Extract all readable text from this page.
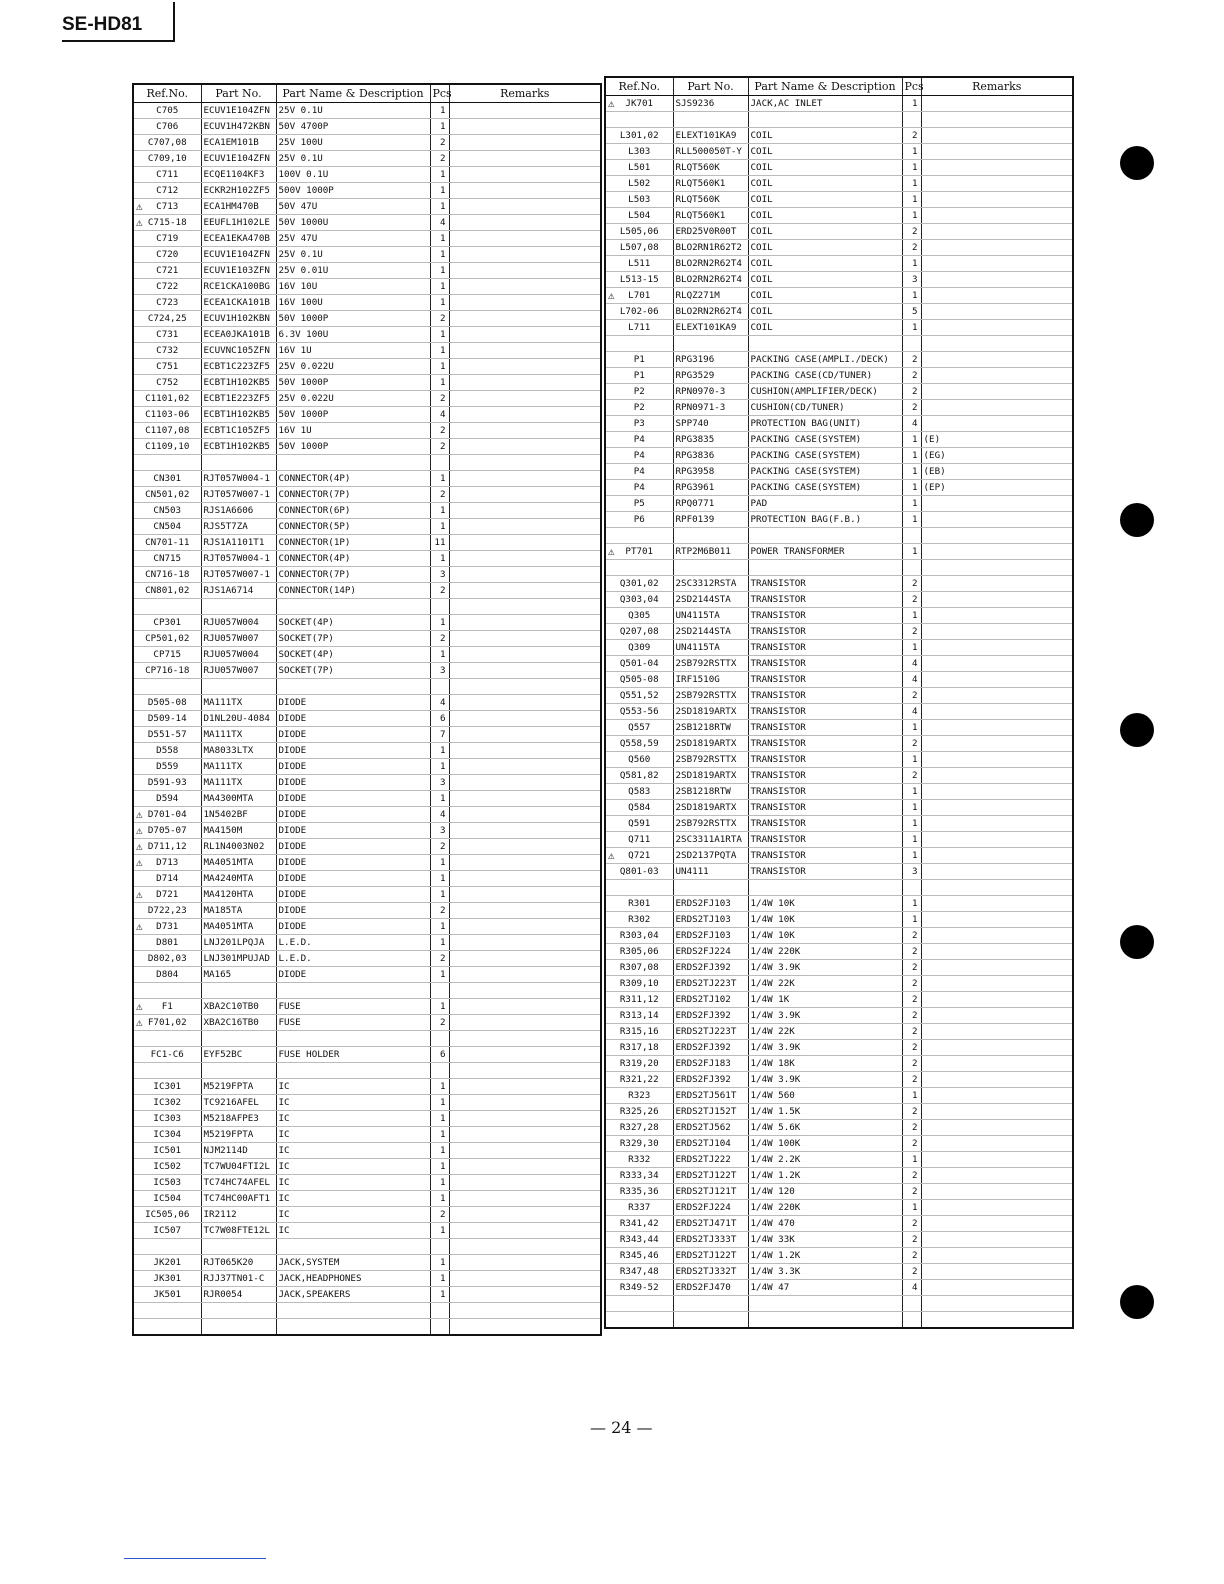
SE-HD81
Ref.No.	Part No.	Part Name & Description	Pcs	Remarks
C705	ECUV1E104ZFN	25V 0.1U	1	
C706	ECUV1H472KBN	50V 4700P	1	
C707,08	ECA1EM101B	25V 100U	2	
C709,10	ECUV1E104ZFN	25V 0.1U	2	
C711	ECQE1104KF3	100V 0.1U	1	
C712	ECKR2H102ZF5	500V 1000P	1	

⚠ C713	ECA1HM470B	50V 47U	1	

⚠ C715-18	EEUFL1H102LE	50V 1000U	4	
C719	ECEA1EKA470B	25V 47U	1	
C720	ECUV1E104ZFN	25V 0.1U	1	
C721	ECUV1E103ZFN	25V 0.01U	1	
C722	RCE1CKA100BG	16V 10U	1	
C723	ECEA1CKA101B	16V 100U	1	
C724,25	ECUV1H102KBN	50V 1000P	2	
C731	ECEA0JKA101B	6.3V 100U	1	
C732	ECUVNC105ZFN	16V 1U	1	
C751	ECBT1C223ZF5	25V 0.022U	1	
C752	ECBT1H102KB5	50V 1000P	1	
C1101,02	ECBT1E223ZF5	25V 0.022U	2	
C1103-06	ECBT1H102KB5	50V 1000P	4	
C1107,08	ECBT1C105ZF5	16V 1U	2	
C1109,10	ECBT1H102KB5	50V 1000P	2	

CN301	RJT057W004-1	CONNECTOR(4P)	1	
CN501,02	RJT057W007-1	CONNECTOR(7P)	2	
CN503	RJS1A6606	CONNECTOR(6P)	1	
CN504	RJS5T7ZA	CONNECTOR(5P)	1	
CN701-11	RJS1A1101T1	CONNECTOR(1P)	11	
CN715	RJT057W004-1	CONNECTOR(4P)	1	
CN716-18	RJT057W007-1	CONNECTOR(7P)	3	
CN801,02	RJS1A6714	CONNECTOR(14P)	2	

CP301	RJU057W004	SOCKET(4P)	1	
CP501,02	RJU057W007	SOCKET(7P)	2	
CP715	RJU057W004	SOCKET(4P)	1	
CP716-18	RJU057W007	SOCKET(7P)	3	

D505-08	MA111TX	DIODE	4	
D509-14	D1NL20U-4084	DIODE	6	
D551-57	MA111TX	DIODE	7	
D558	MA8033LTX	DIODE	1	
D559	MA111TX	DIODE	1	
D591-93	MA111TX	DIODE	3	
D594	MA4300MTA	DIODE	1	

⚠ D701-04	1N5402BF	DIODE	4	

⚠ D705-07	MA4150M	DIODE	3	

⚠ D711,12	RL1N4003N02	DIODE	2	

⚠ D713	MA4051MTA	DIODE	1	
D714	MA4240MTA	DIODE	1	

⚠ D721	MA4120HTA	DIODE	1	
D722,23	MA185TA	DIODE	2	

⚠ D731	MA4051MTA	DIODE	1	
D801	LNJ201LPQJA	L.E.D.	1	
D802,03	LNJ301MPUJAD	L.E.D.	2	
D804	MA165	DIODE	1	

⚠ F1	XBA2C10TB0	FUSE	1	

⚠ F701,02	XBA2C16TB0	FUSE	2	

FC1-C6	EYF52BC	FUSE HOLDER	6	

IC301	M5219FPTA	IC	1	
IC302	TC9216AFEL	IC	1	
IC303	M5218AFPE3	IC	1	
IC304	M5219FPTA	IC	1	
IC501	NJM2114D	IC	1	
IC502	TC7WU04FTI2L	IC	1	
IC503	TC74HC74AFEL	IC	1	
IC504	TC74HC00AFT1	IC	1	
IC505,06	IR2112	IC	2	
IC507	TC7W08FTE12L	IC	1	

JK201	RJT065K20	JACK,SYSTEM	1	
JK301	RJJ37TN01-C	JACK,HEADPHONES	1	
JK501	RJR0054	JACK,SPEAKERS	1	

Ref.No.	Part No.	Part Name & Description	Pcs	Remarks

⚠ JK701	SJS9236	JACK,AC INLET	1	

L301,02	ELEXT101KA9	COIL	2	
L303	RLL500050T-Y	COIL	1	
L501	RLQT560K	COIL	1	
L502	RLQT560K1	COIL	1	
L503	RLQT560K	COIL	1	
L504	RLQT560K1	COIL	1	
L505,06	ERD25V0R00T	COIL	2	
L507,08	BLO2RN1R62T2	COIL	2	
L511	BLO2RN2R62T4	COIL	1	
L513-15	BLO2RN2R62T4	COIL	3	

⚠ L701	RLQZ271M	COIL	1	
L702-06	BLO2RN2R62T4	COIL	5	
L711	ELEXT101KA9	COIL	1	

P1	RPG3196	PACKING CASE(AMPLI./DECK)	2	
P1	RPG3529	PACKING CASE(CD/TUNER)	2	
P2	RPN0970-3	CUSHION(AMPLIFIER/DECK)	2	
P2	RPN0971-3	CUSHION(CD/TUNER)	2	
P3	SPP740	PROTECTION BAG(UNIT)	4	
P4	RPG3835	PACKING CASE(SYSTEM)	1	(E)
P4	RPG3836	PACKING CASE(SYSTEM)	1	(EG)
P4	RPG3958	PACKING CASE(SYSTEM)	1	(EB)
P4	RPG3961	PACKING CASE(SYSTEM)	1	(EP)
P5	RPQ0771	PAD	1	
P6	RPF0139	PROTECTION BAG(F.B.)	1	

⚠ PT701	RTP2M6B011	POWER TRANSFORMER	1	

Q301,02	2SC3312RSTA	TRANSISTOR	2	
Q303,04	2SD2144STA	TRANSISTOR	2	
Q305	UN4115TA	TRANSISTOR	1	
Q207,08	2SD2144STA	TRANSISTOR	2	
Q309	UN4115TA	TRANSISTOR	1	
Q501-04	2SB792RSTTX	TRANSISTOR	4	
Q505-08	IRF1510G	TRANSISTOR	4	
Q551,52	2SB792RSTTX	TRANSISTOR	2	
Q553-56	2SD1819ARTX	TRANSISTOR	4	
Q557	2SB1218RTW	TRANSISTOR	1	
Q558,59	2SD1819ARTX	TRANSISTOR	2	
Q560	2SB792RSTTX	TRANSISTOR	1	
Q581,82	2SD1819ARTX	TRANSISTOR	2	
Q583	2SB1218RTW	TRANSISTOR	1	
Q584	2SD1819ARTX	TRANSISTOR	1	
Q591	2SB792RSTTX	TRANSISTOR	1	
Q711	2SC3311A1RTA	TRANSISTOR	1	

⚠ Q721	2SD2137PQTA	TRANSISTOR	1	
Q801-03	UN4111	TRANSISTOR	3	

R301	ERDS2FJ103	1/4W 10K	1	
R302	ERDS2TJ103	1/4W 10K	1	
R303,04	ERDS2FJ103	1/4W 10K	2	
R305,06	ERDS2FJ224	1/4W 220K	2	
R307,08	ERDS2FJ392	1/4W 3.9K	2	
R309,10	ERDS2TJ223T	1/4W 22K	2	
R311,12	ERDS2TJ102	1/4W 1K	2	
R313,14	ERDS2FJ392	1/4W 3.9K	2	
R315,16	ERDS2TJ223T	1/4W 22K	2	
R317,18	ERDS2FJ392	1/4W 3.9K	2	
R319,20	ERDS2FJ183	1/4W 18K	2	
R321,22	ERDS2FJ392	1/4W 3.9K	2	
R323	ERDS2TJ561T	1/4W 560	1	
R325,26	ERDS2TJ152T	1/4W 1.5K	2	
R327,28	ERDS2TJ562	1/4W 5.6K	2	
R329,30	ERDS2TJ104	1/4W 100K	2	
R332	ERDS2TJ222	1/4W 2.2K	1	
R333,34	ERDS2TJ122T	1/4W 1.2K	2	
R335,36	ERDS2TJ121T	1/4W 120	2	
R337	ERDS2FJ224	1/4W 220K	1	
R341,42	ERDS2TJ471T	1/4W 470	2	
R343,44	ERDS2TJ333T	1/4W 33K	2	
R345,46	ERDS2TJ122T	1/4W 1.2K	2	
R347,48	ERDS2TJ332T	1/4W 3.3K	2	
R349-52	ERDS2FJ470	1/4W 47	4	

— 24 —
